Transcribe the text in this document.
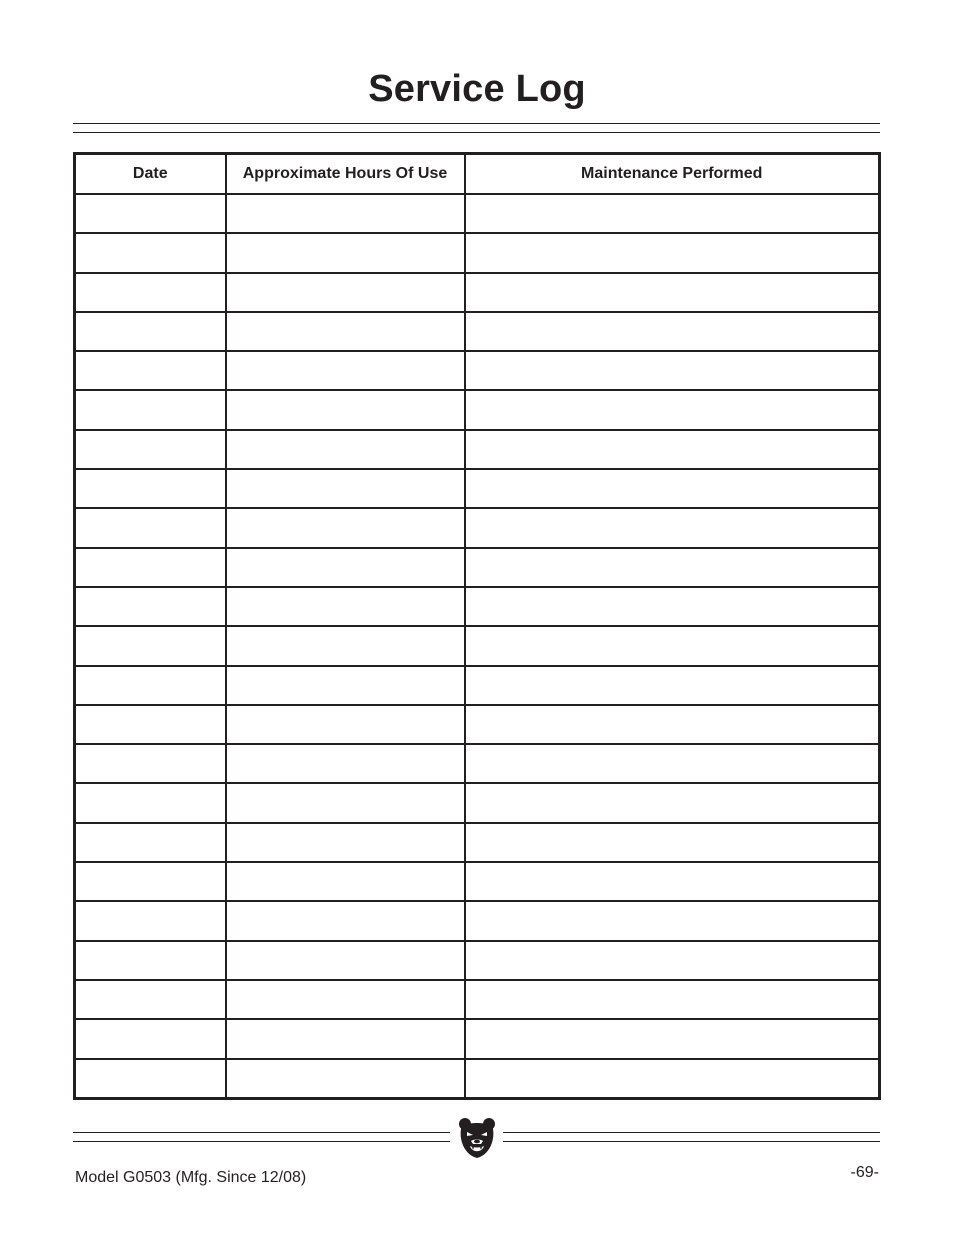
Service Log
Date	Approximate Hours Of Use	Maintenance Performed

Model G0503 (Mfg. Since 12/08)	-69-
